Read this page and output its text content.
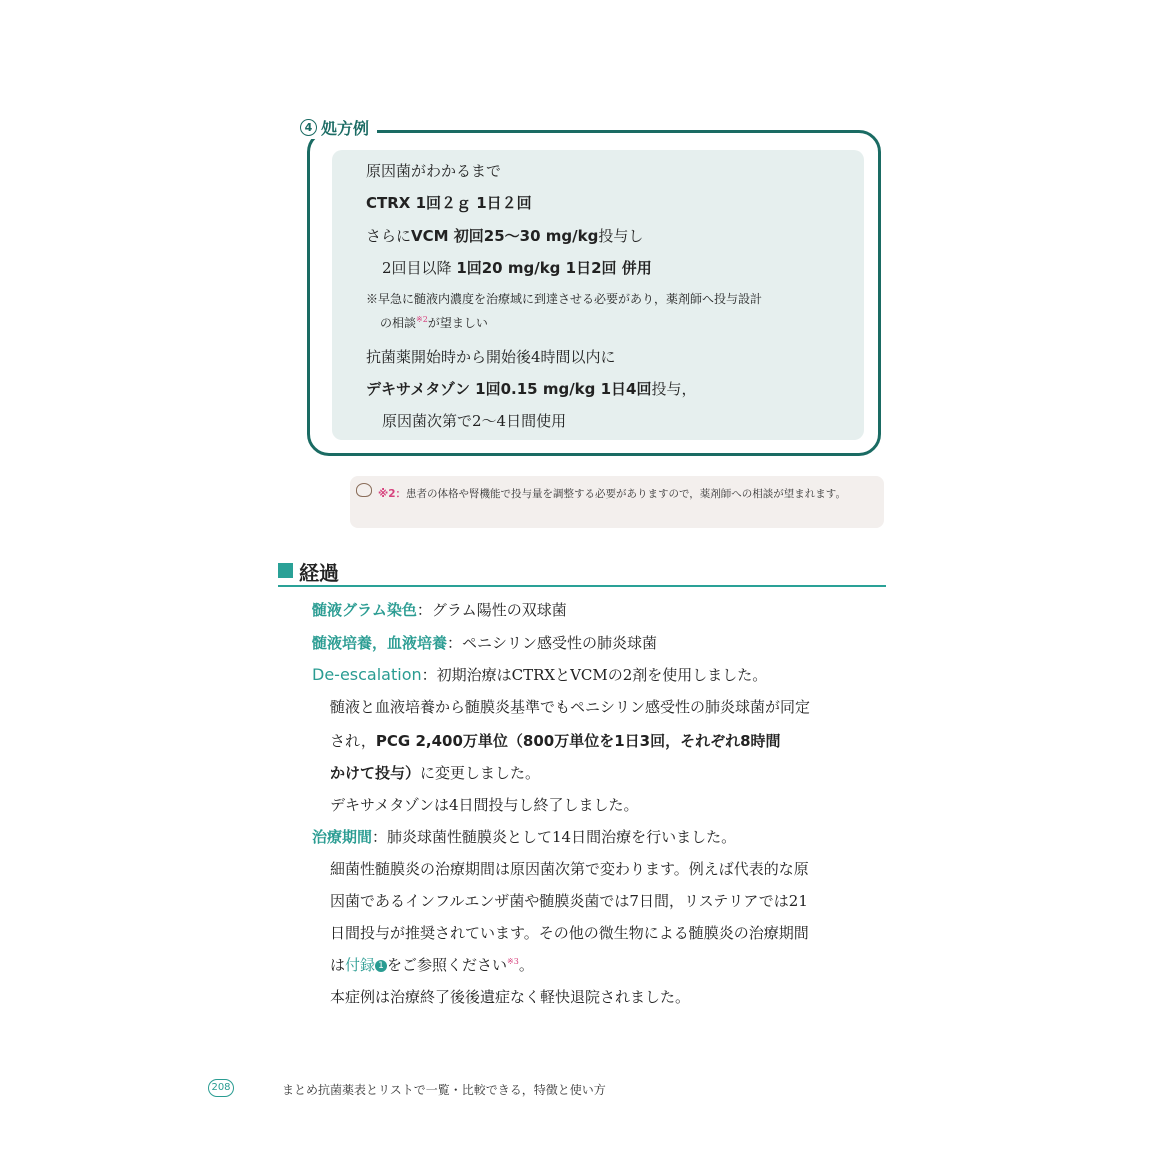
4 処方例
原因菌がわかるまで
CTRX 1回２ｇ 1日２回
さらにVCM 初回25～30 mg/kg投与し
2回目以降 1回20 mg/kg 1日2回 併用
※早急に髄液内濃度を治療域に到達させる必要があり，薬剤師へ投与設計
の相談$^{※2}$が望ましい
抗菌薬開始時から開始後4時間以内に
デキサメタゾン 1回0.15 mg/kg 1日4回投与，
原因菌次第で2～4日間使用
※2：患者の体格や腎機能で投与量を調整する必要がありますので，薬剤師への相談が望まれます。
経過
髄液グラム染色：グラム陽性の双球菌
髄液培養，血液培養：ペニシリン感受性の肺炎球菌
De-escalation：初期治療はCTRXとVCMの2剤を使用しました。
髄液と血液培養から髄膜炎基準でもペニシリン感受性の肺炎球菌が同定
され，PCG 2,400万単位（800万単位を1日3回，それぞれ8時間
かけて投与）に変更しました。
デキサメタゾンは4日間投与し終了しました。
治療期間：肺炎球菌性髄膜炎として14日間治療を行いました。
細菌性髄膜炎の治療期間は原因菌次第で変わります。例えば代表的な原
因菌であるインフルエンザ菌や髄膜炎菌では7日間，リステリアでは21
日間投与が推奨されています。その他の微生物による髄膜炎の治療期間
は付録 1 をご参照ください$^{※3}$。
本症例は治療終了後後遺症なく軽快退院されました。
208	まとめ抗菌薬表とリストで一覧・比較できる，特徴と使い方
